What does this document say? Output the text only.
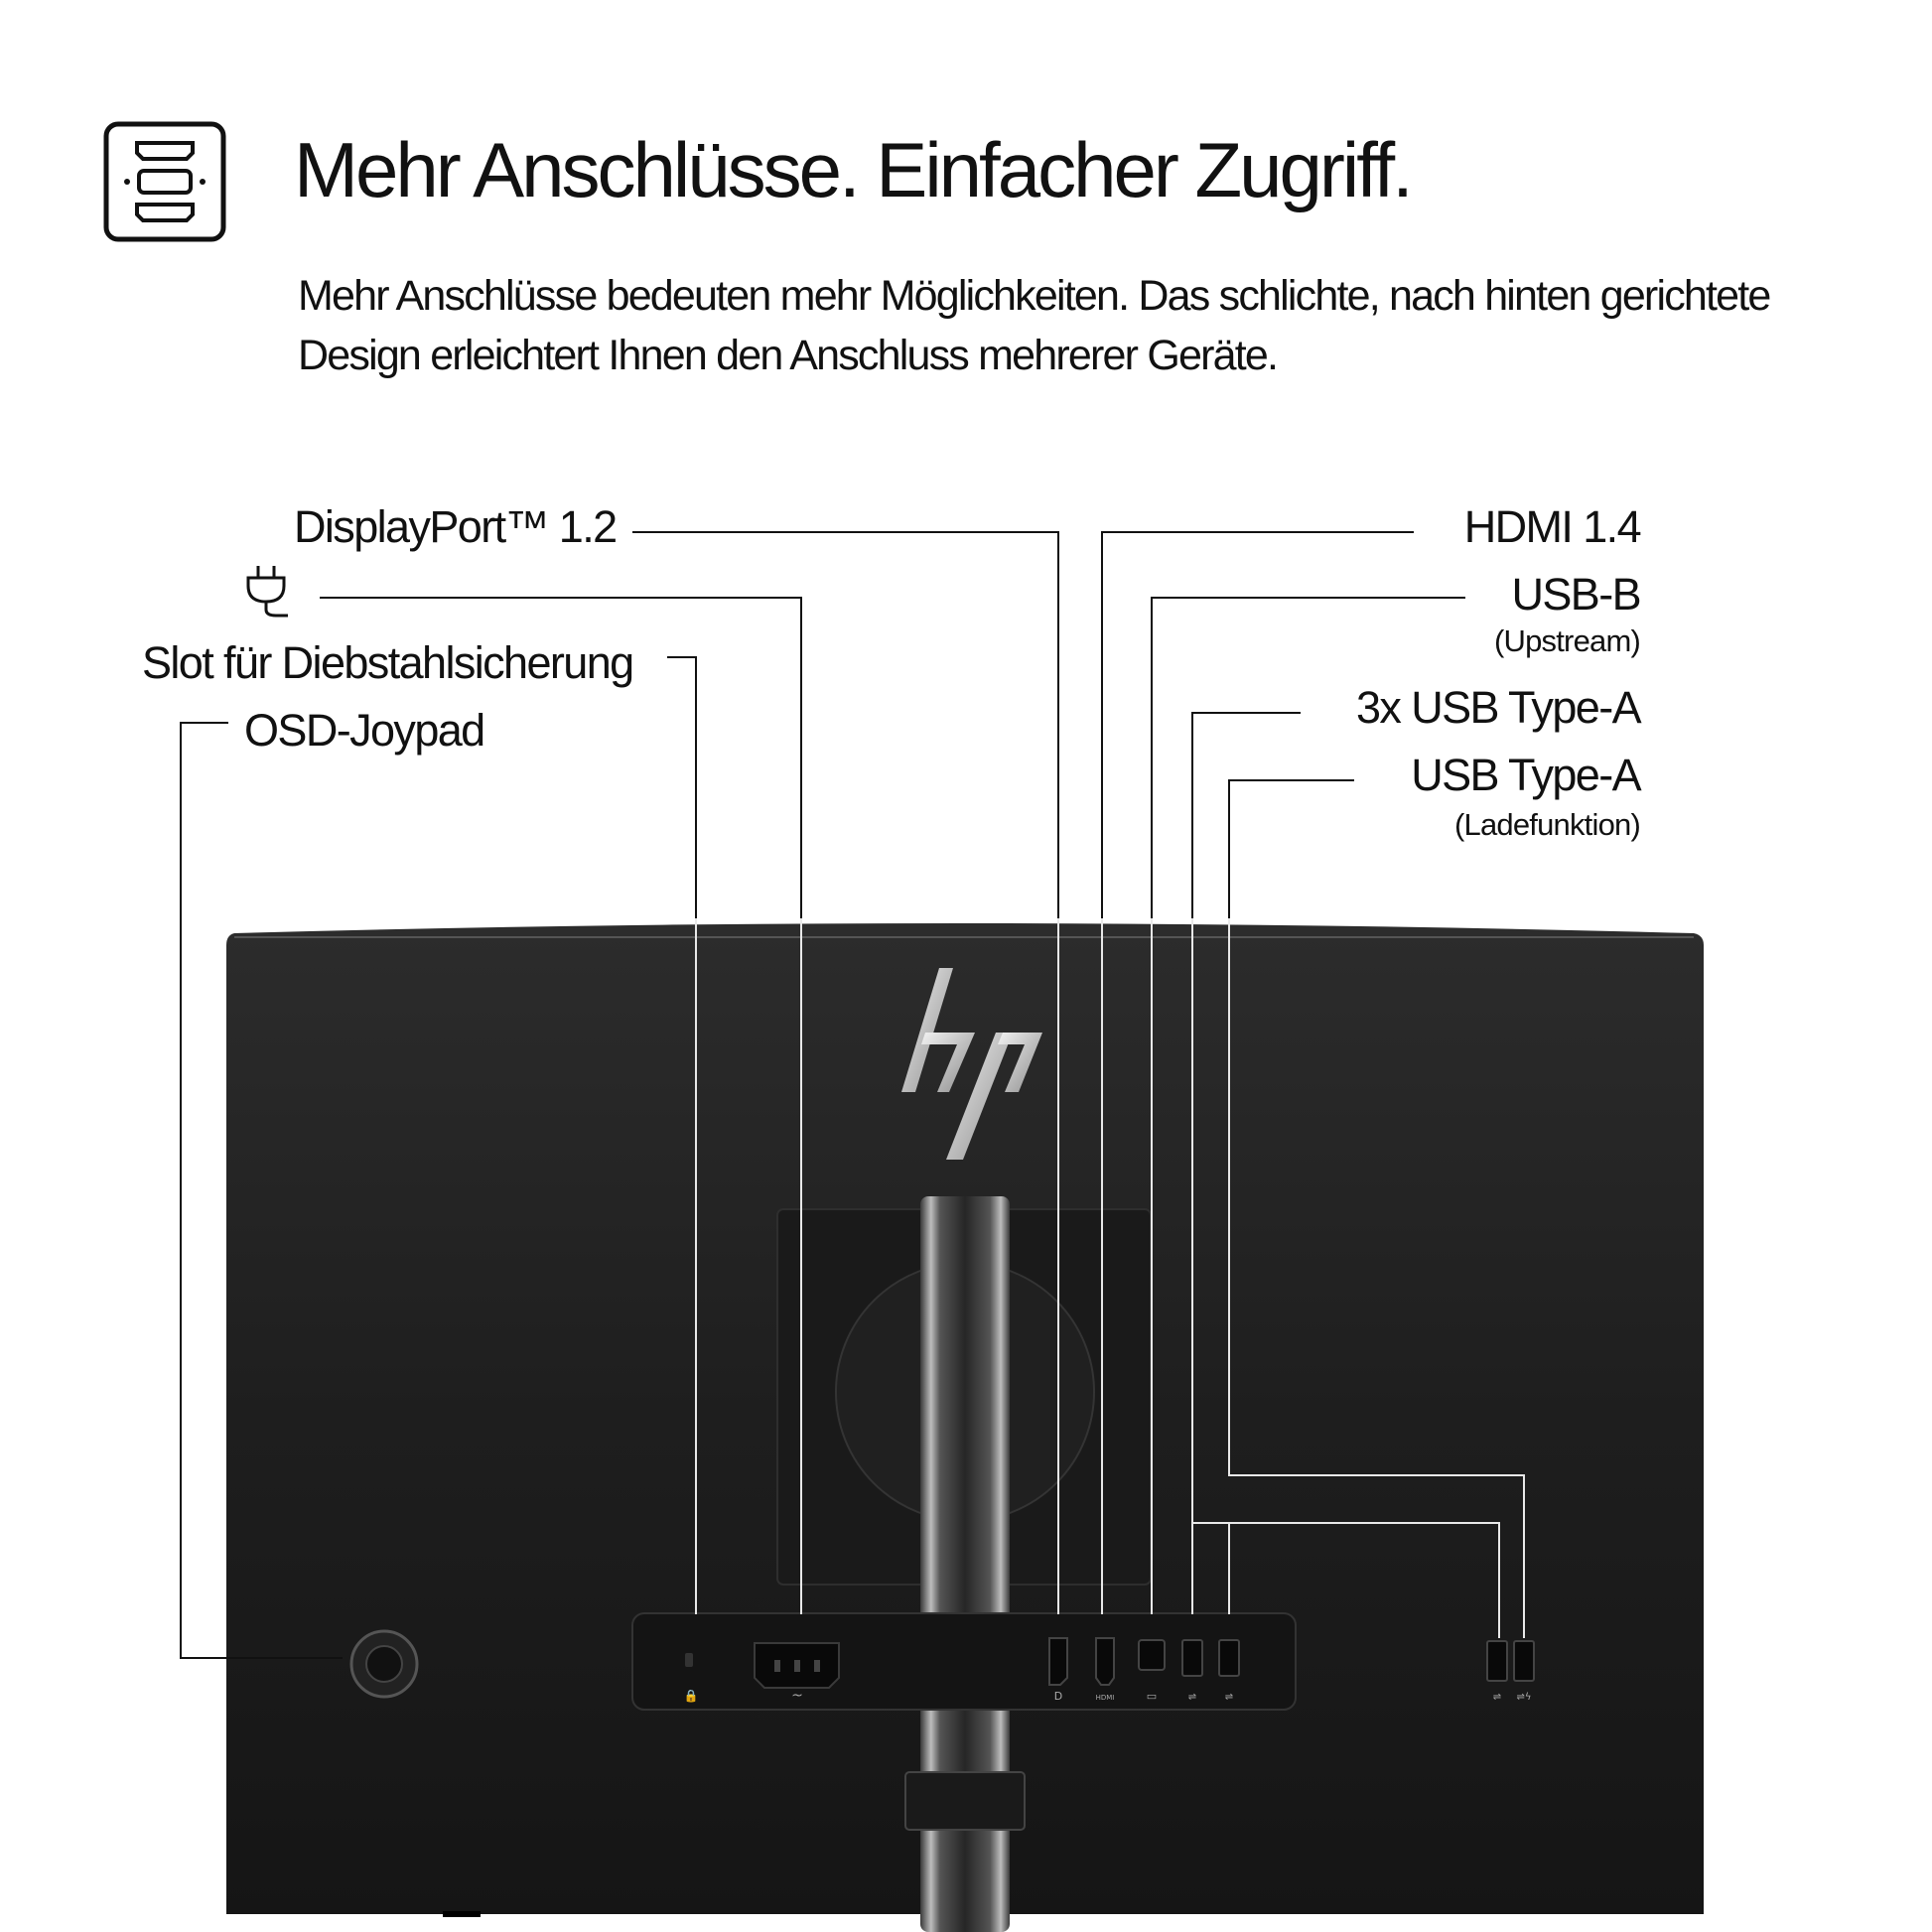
Mehr Anschlüsse. Einfacher Zugriff.

Mehr Anschlüsse bedeuten mehr Möglichkeiten. Das schlichte, nach hinten gerichtete Design erleichtert Ihnen den Anschluss mehrerer Geräte.

🔒	~	D	HDMI	▭	⇌	⇌	⇌ ⇌ϟ
DisplayPort™ 1.2
Slot für Diebstahlsicherung
OSD-Joypad
HDMI 1.4
USB-B
(Upstream)
3x USB Type-A
USB Type-A
(Ladefunktion)
